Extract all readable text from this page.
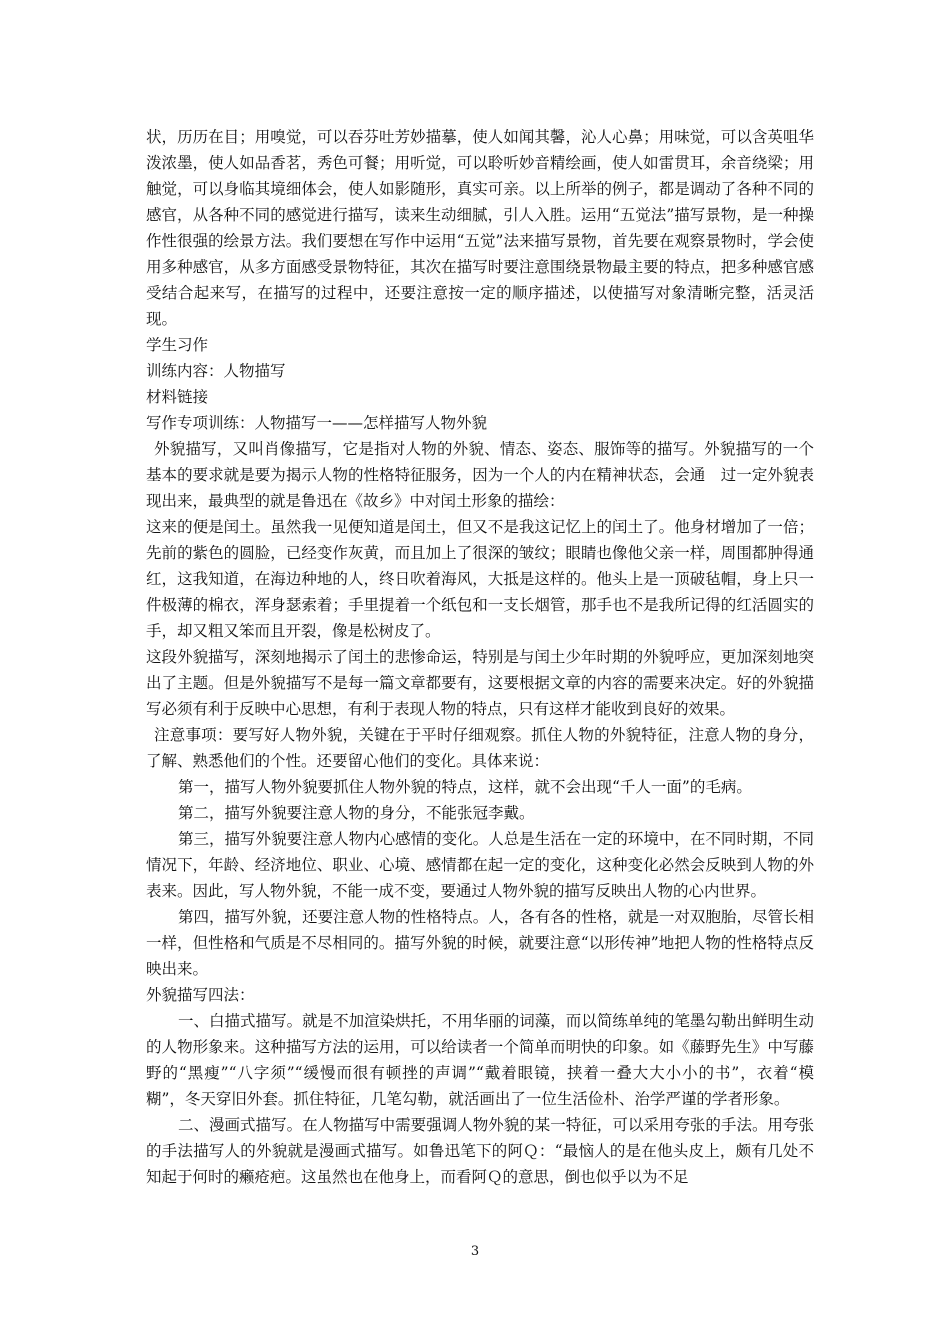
状，历历在目；用嗅觉，可以吞芬吐芳妙描摹，使人如闻其馨，沁人心鼻；用味觉，可以含英咀华泼浓墨，使人如品香茗，秀色可餐；用听觉，可以聆听妙音精绘画，使人如雷贯耳，余音绕梁；用触觉，可以身临其境细体会，使人如影随形，真实可亲。以上所举的例子，都是调动了各种不同的感官，从各种不同的感觉进行描写，读来生动细腻，引人入胜。运用“五觉法”描写景物，是一种操作性很强的绘景方法。我们要想在写作中运用“五觉”法来描写景物，首先要在观察景物时，学会使用多种感官，从多方面感受景物特征，其次在描写时要注意围绕景物最主要的特点，把多种感官感受结合起来写，在描写的过程中，还要注意按一定的顺序描述，以使描写对象清晰完整，活灵活现。

学生习作

训练内容：人物描写

材料链接

写作专项训练：人物描写一——怎样描写人物外貌

外貌描写，又叫肖像描写，它是指对人物的外貌、情态、姿态、服饰等的描写。外貌描写的一个基本的要求就是要为揭示人物的性格特征服务，因为一个人的内在精神状态，会通　过一定外貌表现出来，最典型的就是鲁迅在《故乡》中对闰土形象的描绘：

这来的便是闰土。虽然我一见便知道是闰土，但又不是我这记忆上的闰土了。他身材增加了一倍；先前的紫色的圆脸，已经变作灰黄，而且加上了很深的皱纹；眼睛也像他父亲一样，周围都肿得通红，这我知道，在海边种地的人，终日吹着海风，大抵是这样的。他头上是一顶破毡帽，身上只一件极薄的棉衣，浑身瑟索着；手里提着一个纸包和一支长烟管，那手也不是我所记得的红活圆实的手，却又粗又笨而且开裂，像是松树皮了。

这段外貌描写，深刻地揭示了闰土的悲惨命运，特别是与闰土少年时期的外貌呼应，更加深刻地突出了主题。但是外貌描写不是每一篇文章都要有，这要根据文章的内容的需要来决定。好的外貌描写必须有利于反映中心思想，有利于表现人物的特点，只有这样才能收到良好的效果。

注意事项：要写好人物外貌，关键在于平时仔细观察。抓住人物的外貌特征，注意人物的身分，了解、熟悉他们的个性。还要留心他们的变化。具体来说：

第一，描写人物外貌要抓住人物外貌的特点，这样，就不会出现“千人一面”的毛病。

第二，描写外貌要注意人物的身分，不能张冠李戴。

第三，描写外貌要注意人物内心感情的变化。人总是生活在一定的环境中，在不同时期，不同情况下，年龄、经济地位、职业、心境、感情都在起一定的变化，这种变化必然会反映到人物的外表来。因此，写人物外貌，不能一成不变，要通过人物外貌的描写反映出人物的心内世界。

第四，描写外貌，还要注意人物的性格特点。人，各有各的性格，就是一对双胞胎，尽管长相一样，但性格和气质是不尽相同的。描写外貌的时候，就要注意“以形传神”地把人物的性格特点反映出来。

外貌描写四法：

一、白描式描写。就是不加渲染烘托，不用华丽的词藻，而以简练单纯的笔墨勾勒出鲜明生动的人物形象来。这种描写方法的运用，可以给读者一个简单而明快的印象。如《藤野先生》中写藤野的“黑瘦”“八字须”“缓慢而很有顿挫的声调”“戴着眼镜，挟着一叠大大小小的书”，衣着“模糊”，冬天穿旧外套。抓住特征，几笔勾勒，就活画出了一位生活俭朴、治学严谨的学者形象。

二、漫画式描写。在人物描写中需要强调人物外貌的某一特征，可以采用夸张的手法。用夸张的手法描写人的外貌就是漫画式描写。如鲁迅笔下的阿Ｑ：“最恼人的是在他头皮上，颇有几处不知起于何时的癞疮疤。这虽然也在他身上，而看阿Ｑ的意思，倒也似乎以为不足

3
